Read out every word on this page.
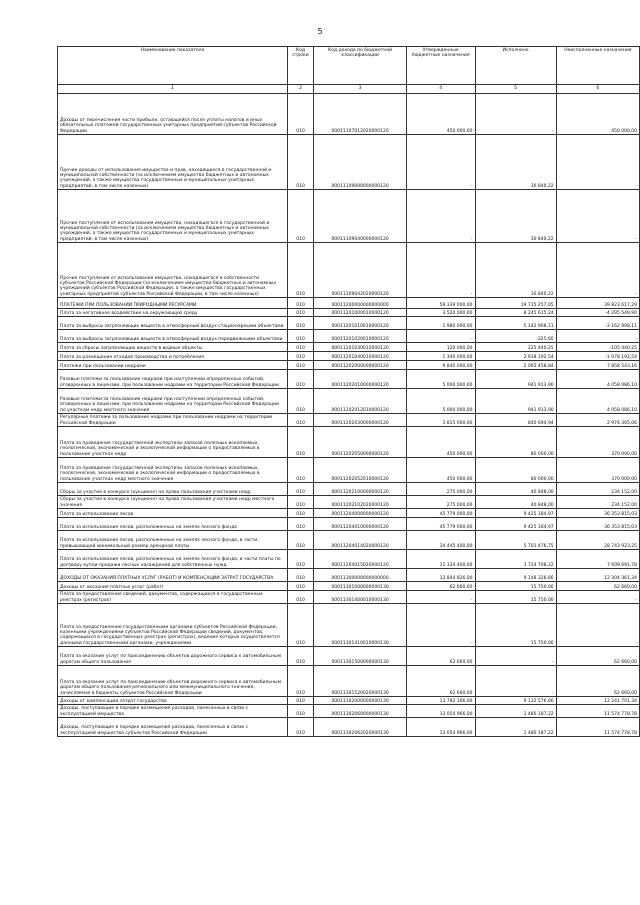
5
Наименование показателя	Код строки	Код дохода по бюджетной классификации	Утвержденные бюджетные назначения	Исполнено	Неисполненные назначения
1	2	3	4	5	6
Доходы от перечисления части прибыли, остающейся после уплаты налогов и иных обязательных платежей государственных унитарных предприятий субъектов Российской Федерации	010	00011107012020000120	450 000,00	-	450 000,00
Прочие доходы от использования имущества и прав, находящихся в государственной и муниципальной собственности (за исключением имущества бюджетных и автономных учреждений, а также имущества государственных и муниципальных унитарных предприятий, в том числе казенных)	010	00011109000000000120	-	30 840,22	-
Прочие поступления от использования имущества, находящегося в государственной и муниципальной собственности (за исключением имущества бюджетных и автономных учреждений, а также имущества государственных и муниципальных унитарных предприятий, в том числе казенных)	010	00011109040000000120	-	30 840,22	-
Прочие поступления от использования имущества, находящегося в собственности субъектов Российской Федерации (за исключением имущества бюджетных и автономных учреждений субъектов Российской Федерации, а также имущества государственных унитарных предприятий субъектов Российской Федерации, в том числе казенных)	010	00011109042020000120	-	30 840,22	-
ПЛАТЕЖИ ПРИ ПОЛЬЗОВАНИИ ПРИРОДНЫМИ РЕСУРСАМИ	010	00011200000000000000	59 339 000,00	19 715 257,05	39 823 617,29
Плата за негативное воздействие на окружающую среду	010	00011201000010000120	3 520 000,00	8 245 615,24	-4 295 549,90
Плата за выбросы загрязняющих веществ в атмосферный воздух стационарными объектами	010	00011201010010000120	1 980 000,00	5 142 908,11	-3 162 908,11
Плата за выбросы загрязняющих веществ в атмосферный воздух передвижными объектами	010	00011201020010000120	-	-325,60	-
Плата за сбросы загрязняющих веществ в водные объекты	010	00011201030010000120	120 000,00	225 440,25	-105 440,25
Плата за размещение отходов производства и потребления	010	00011201040010000120	1 340 000,00	2 918 192,54	-1 078 192,54
Платежи при пользовании недрами	010	00011202000000000120	9 840 000,00	2 065 458,84	7 858 543,16
Разовые платежи за пользование недрами при наступлении определенных событий, оговоренных в лицензии, при пользовании недрами на территории Российской Федерации	010	00011202010000000120	5 000 000,00	941 913,90	4 058 086,10
Разовые платежи за пользование недрами при наступлении определенных событий, оговоренных в лицензии, при пользовании недрами на территории Российской Федерации по участкам недр местного значения	010	00011202012010000120	5 000 000,00	941 913,90	4 058 086,10
Регулярные платежи за пользование недрами при пользовании недрами на территории Российской Федерации	010	00011202030000000120	3 815 000,00	840 694,94	2 974 305,06
Плата за проведение государственной экспертизы запасов полезных ископаемых, геологической, экономической и экологической информации о предоставляемых в пользование участках недр	010	00011202050000000120	450 000,00	80 000,00	370 000,00
Плата за проведение государственной экспертизы запасов полезных ископаемых, геологической, экономической и экологической информации о предоставляемых в пользование участках недр местного значения	010	00011202052010000120	450 000,00	80 000,00	370 000,00
Сборы за участие в конкурсе (аукционе) на право пользования участками недр	010	00011202100000000120	275 000,00	40 848,00	234 152,00
Сборы за участие в конкурсе (аукционе) на право пользования участками недр местного значения	010	00011202102020000120	275 000,00	40 848,00	234 152,00
Плата за использование лесов	010	00011204000000000120	45 779 000,00	9 425 184,97	36 353 815,03
Плата за использование лесов, расположенных на землях лесного фонда	010	00011204010000000120	45 779 000,00	9 425 184,97	36 353 815,03
Плата за использование лесов, расположенных на землях лесного фонда, в части, превышающей минимальный размер арендной платы	010	00011204014020000120	34 445 400,00	5 701 476,75	28 743 923,25
Плата за использование лесов, расположенных на землях лесного фонда, в части платы по договору купли-продажи лесных насаждений для собственных нужд	010	00011204015020000120	11 334 400,00	3 724 708,22	7 609 691,78
ДОХОДЫ ОТ ОКАЗАНИЯ ПЛАТНЫХ УСЛУГ (РАБОТ) И КОМПЕНСАЦИИ ЗАТРАТ ГОСУДАРСТВА	010	00011300000000000000	13 844 826,00	9 148 326,66	12 304 361,34
Доходы от оказания платных услуг (работ)	010	00011301000000000130	62 660,00	15 750,00	62 660,00
Плата за предоставление сведений, документов, содержащихся в государственных реестрах (регистрах)	010	00011301400010000130	-	15 750,00	-
Плата за предоставление государственными органами субъектов Российской Федерации, казенными учреждениями субъектов Российской Федерации сведений, документов, содержащихся в государственных реестрах (регистрах), ведение которых осуществляется данными государственными органами, учреждениями	010	00011301410010000130	-	15 750,00	-
Плата за оказание услуг по присоединению объектов дорожного сервиса к автомобильным дорогам общего пользования	010	00011301500000000130	62 660,00	-	62 660,00
Плата за оказание услуг по присоединению объектов дорожного сервиса к автомобильным дорогам общего пользования регионального или межмуниципального значения, зачисляемая в бюджеты субъектов Российской Федерации	010	00011301520020000130	62 660,00	-	62 660,00
Доходы от компенсации затрат государства	010	00011302000000000130	13 782 166,00	9 132 576,66	12 241 701,34
Доходы, поступающие в порядке возмещения расходов, понесенных в связи с эксплуатацией имущества	010	00011302060000000130	13 054 966,00	1 480 187,22	11 574 778,78
Доходы, поступающие в порядке возмещения расходов, понесенных в связи с эксплуатацией имущества субъектов Российской Федерации	010	00011302062020000130	13 054 966,00	1 480 187,22	11 574 778,78
